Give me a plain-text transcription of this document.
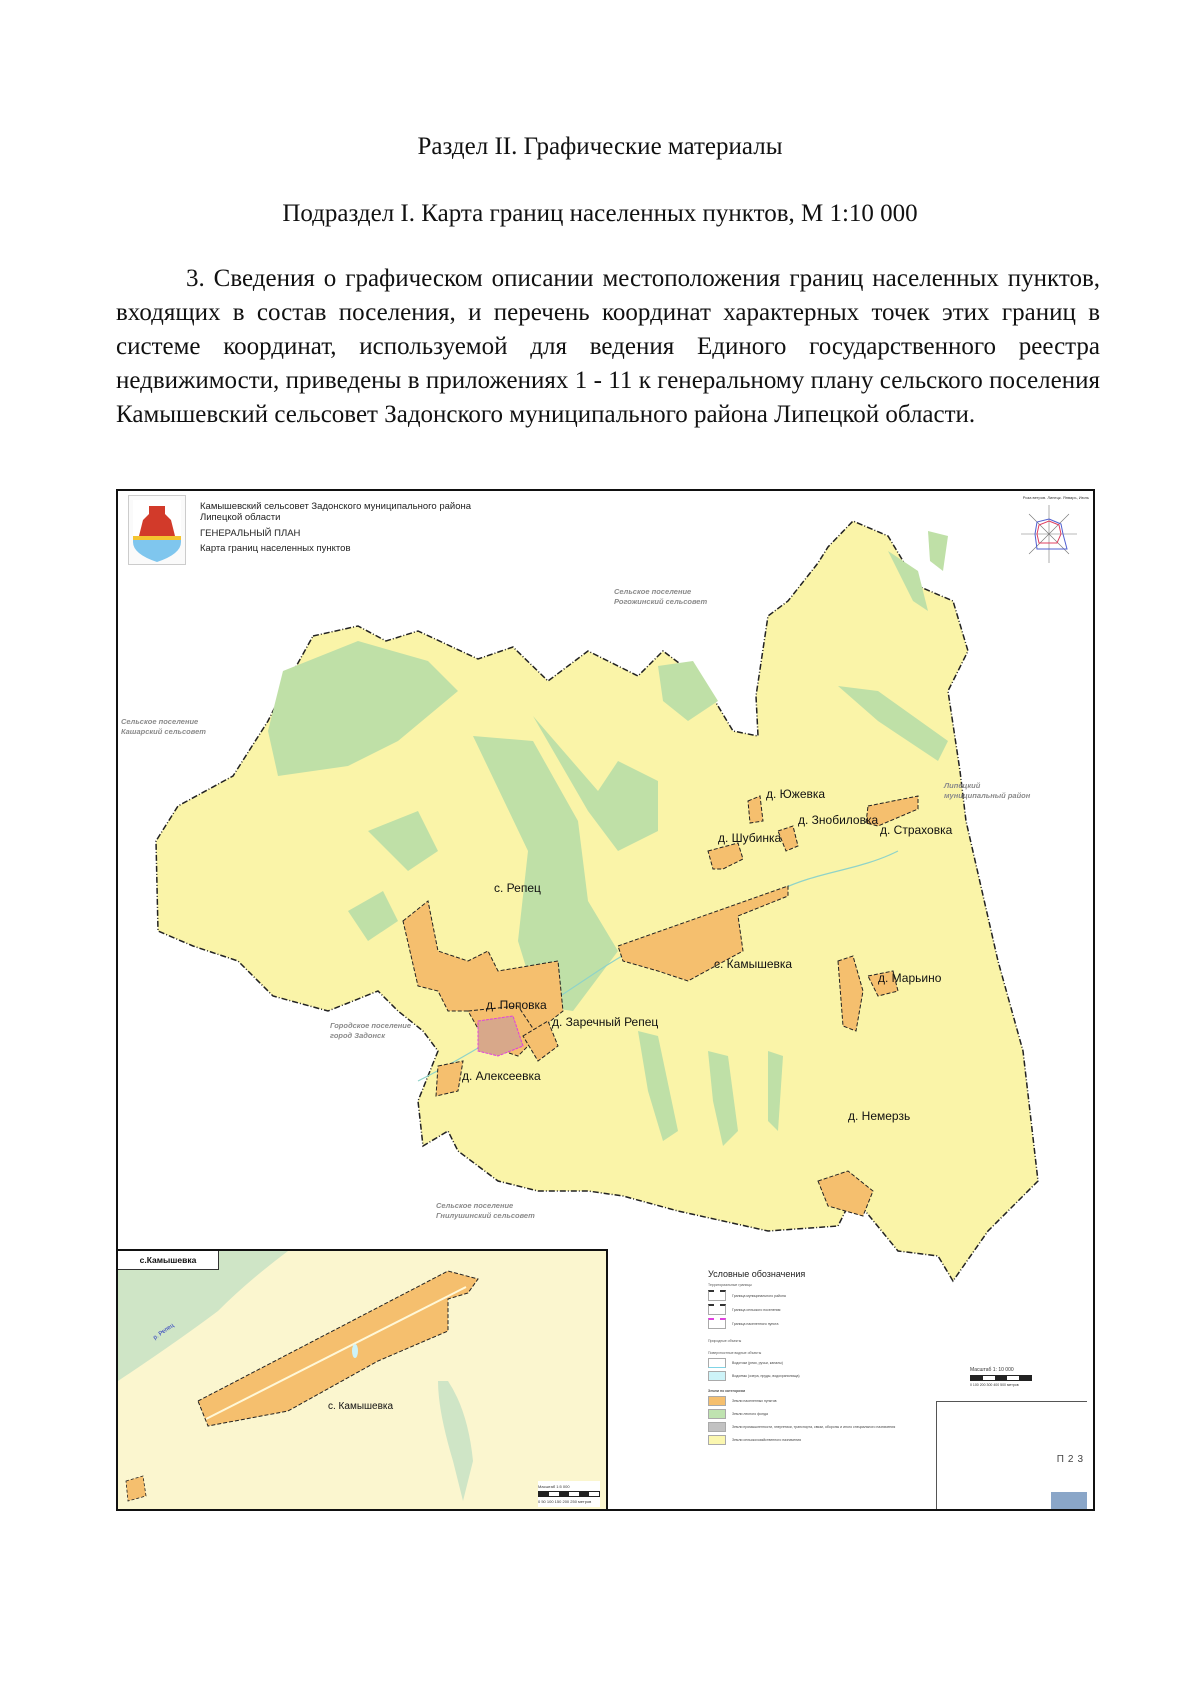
Раздел II. Графические материалы
Подраздел I. Карта границ населенных пунктов, М 1:10 000
3. Сведения о графическом описании местоположения границ населенных пунктов, входящих в состав поселения, и перечень координат характерных точек этих границ в системе координат, используемой для ведения Единого государственного реестра недвижимости, приведены в приложениях 1 - 11 к генеральному плану сельского поселения Камышевский сельсовет Задонского муниципального района Липецкой области.
Камышевский сельсовет Задонского муниципального района
Липецкой области
ГЕНЕРАЛЬНЫЙ ПЛАН
Карта границ населенных пунктов
Роза ветров. Липецк. Январь, Июль
Сельское поселение
Рогожинский сельсовет
Сельское поселение
Кашарский сельсовет
Липецкий
муниципальный район
Городское поселение
город Задонск
Сельское поселение
Гнилушинский сельсовет
д. Южевка
д. Знобиловка
д. Страховка
д. Шубинка
с. Репец
с. Камышевка
д. Марьино
д. Поповка
д. Заречный Репец
д. Алексеевка
д. Немерзь
с.Камышевка
с. Камышевка
р. Репец
Масштаб 1:5 000
0 50 100 150 200 250 метров
Условные обозначения
Территориальные границы
Граница муниципального района
Граница сельского поселения
Граница населенного пункта
Природные объекты
Поверхностные водные объекты
Водотоки (реки, ручьи, каналы)
Водоемы (озера, пруды, водохранилища)
Земли по категориям
Земли населенных пунктов
Земли лесного фонда
Земли промышленности, энергетики, транспорта, связи, обороны и иного специального назначения
Земли сельскохозяйственного назначения
Масштаб 1: 10 000
0 100 200 300 400 500 метров
П 2 3
